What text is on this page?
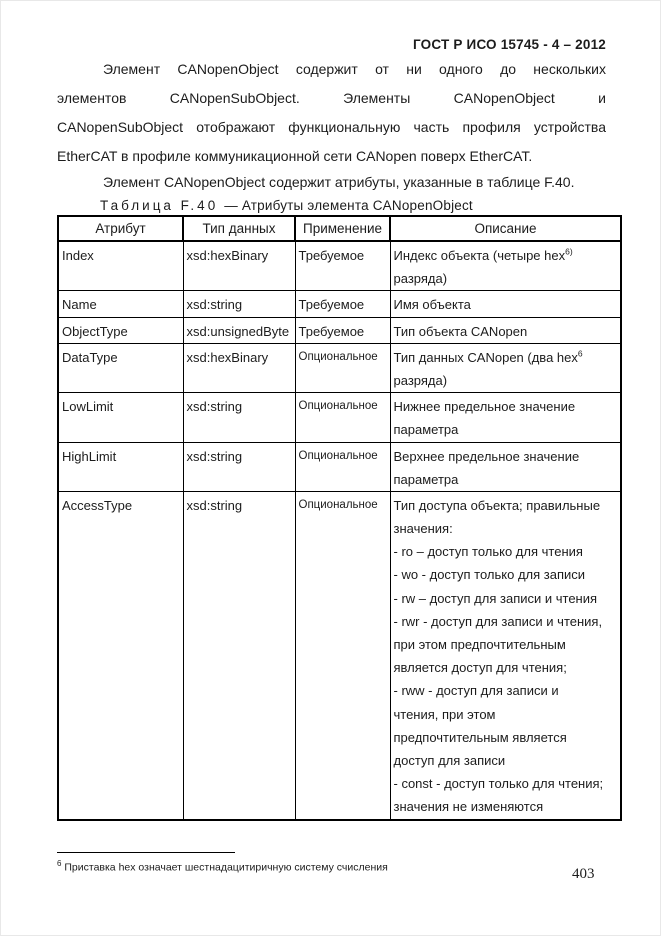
ГОСТ Р ИСО 15745 - 4 – 2012
Элемент CANopenObject содержит от ни одного до нескольких
элементов CANopenSubObject. Элементы CANopenObject и
CANopenSubObject отображают функциональную часть профиля устройства
EtherCAT в профиле коммуникационной сети CANopen поверх EtherCAT.
Элемент CANopenObject содержит атрибуты, указанные в таблице F.40.
Таблица F.40 — Атрибуты элемента CANopenObject
Атрибут	Тип данных	Применение	Описание

Index	xsd:hexBinary	Требуемое	Индекс объекта (четыре hex$^{6)}$
разряда)

Name	xsd:string	Требуемое	Имя объекта

ObjectType	xsd:unsignedByte	Требуемое	Тип объекта CANopen

DataType	xsd:hexBinary	Опциональное	Тип данных CANopen (два hex$^6$
разряда)

LowLimit	xsd:string	Опциональное	Нижнее предельное значение
параметра

HighLimit	xsd:string	Опциональное	Верхнее предельное значение
параметра

AccessType	xsd:string	Опциональное	Тип доступа объекта; правильные
значения:
- ro – доступ только для чтения
- wo - доступ только для записи
- rw – доступ для записи и чтения
- rwr - доступ для записи и чтения,
при этом предпочтительным
является доступ для чтения;
- rww - доступ для записи и
чтения, при этом
предпочтительным является
доступ для записи
- const - доступ только для чтения;
значения не изменяются
$^6$ Приставка hex означает шестнадацитиричную систему счисления	403
